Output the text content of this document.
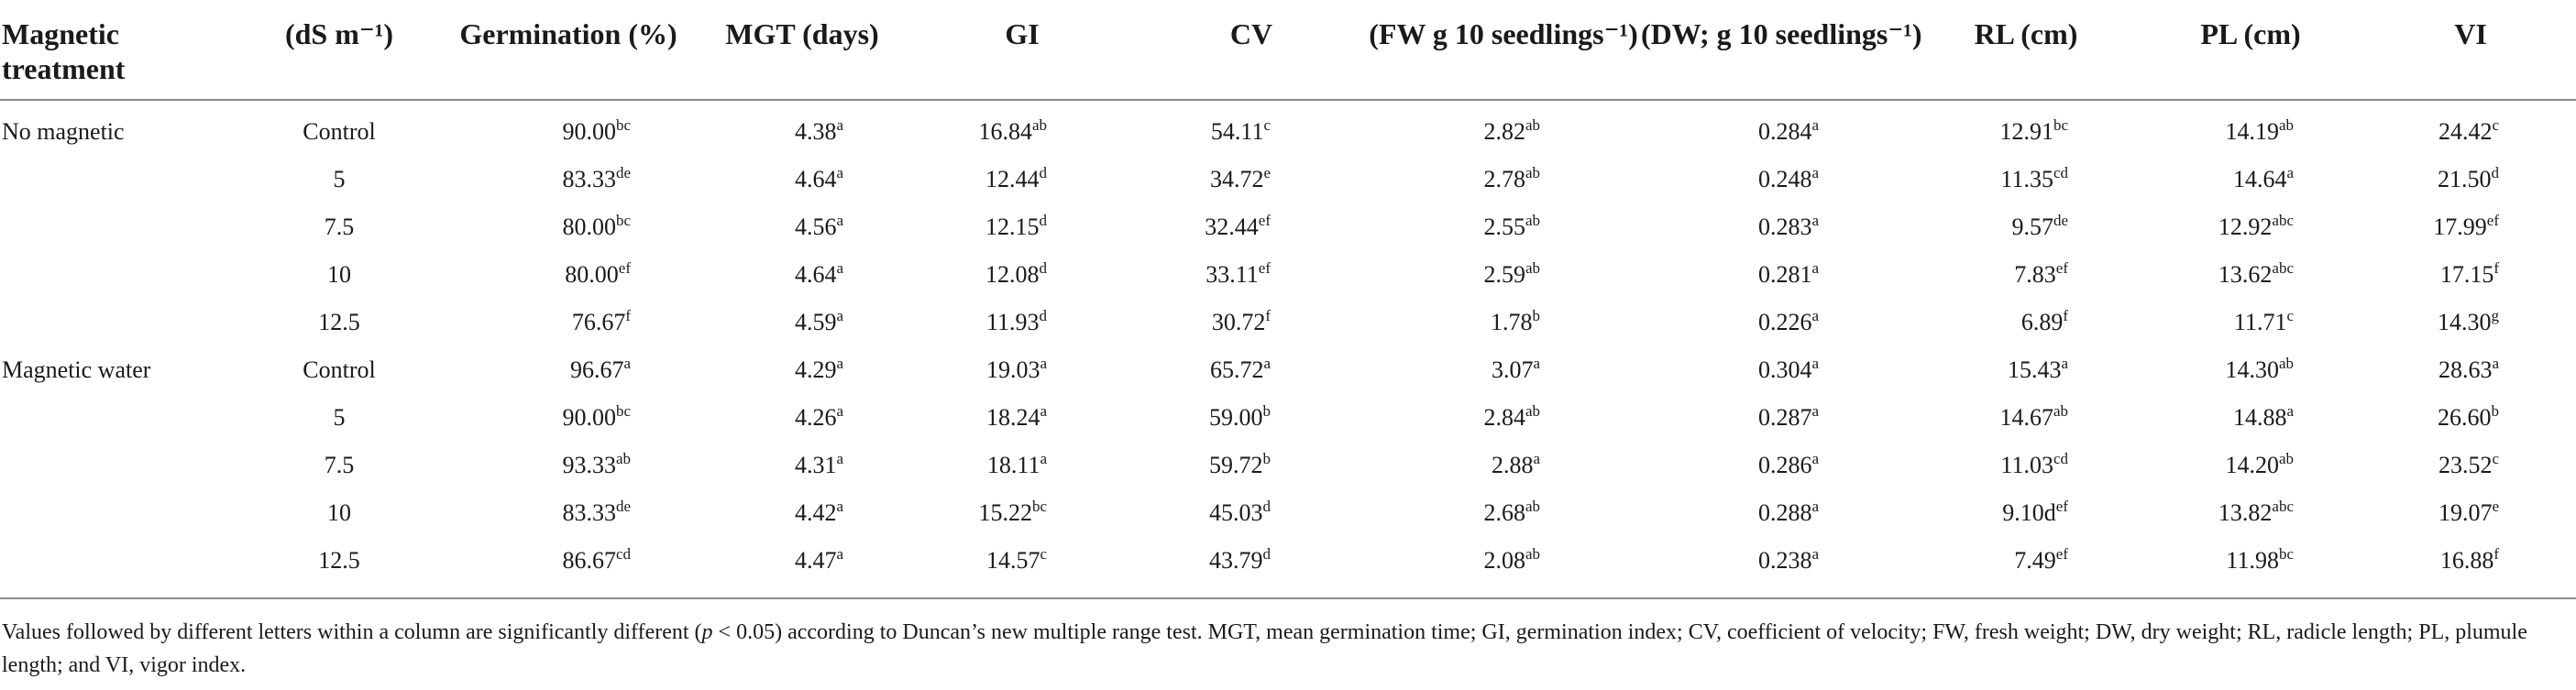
Magnetic treatment	(dS m⁻¹)	Germination (%)	MGT (days)	GI	CV	(FW g 10 seedlings⁻¹)	(DW; g 10 seedlings⁻¹)	RL (cm)	PL (cm)	VI
No magnetic	Control	90.00$^{bc}$	4.38$^a$	16.84$^{ab}$	54.11$^c$	2.82$^{ab}$	0.284$^a$	12.91$^{bc}$	14.19$^{ab}$	24.42$^c$
	5	83.33de	4.64$^a$	12.44$^d$	34.72e	2.78$^{ab}$	0.248$^a$	11.35$^{cd}$	14.64$^a$	21.50$^d$
	7.5	80.00$^{bc}$	4.56$^a$	12.15$^d$	32.44$^{ef}$	2.55$^{ab}$	0.283$^a$	9.57de	12.92$^{abc}$	17.99$^{ef}$
	10	80.00$^{ef}$	4.64$^a$	12.08$^d$	33.11$^{ef}$	2.59$^{ab}$	0.281$^a$	7.83$^{ef}$	13.62$^{abc}$	17.15$^f$
	12.5	76.67$^f$	4.59$^a$	11.93$^d$	30.72$^f$	1.78$^b$	0.226$^a$	6.89$^f$	11.71$^c$	14.30$^g$
Magnetic water	Control	96.67$^a$	4.29$^a$	19.03$^a$	65.72$^a$	3.07$^a$	0.304$^a$	15.43$^a$	14.30$^{ab}$	28.63$^a$
	5	90.00$^{bc}$	4.26$^a$	18.24$^a$	59.00$^b$	2.84$^{ab}$	0.287$^a$	14.67$^{ab}$	14.88$^a$	26.60$^b$
	7.5	93.33$^{ab}$	4.31$^a$	18.11$^a$	59.72$^b$	2.88$^a$	0.286$^a$	11.03$^{cd}$	14.20$^{ab}$	23.52$^c$
	10	83.33de	4.42$^a$	15.22$^{bc}$	45.03$^d$	2.68$^{ab}$	0.288$^a$	$9.10d^{ef}$	13.82$^{abc}$	19.07e
	12.5	86.67$^{cd}$	4.47$^a$	14.57$^c$	43.79$^d$	2.08$^{ab}$	0.238$^a$	7.49$^{ef}$	11.98$^{bc}$	16.88$^f$
Values followed by different letters within a column are significantly different (p < 0.05) according to Duncan’s new multiple range test. MGT, mean germination time; GI, germination index; CV, coefficient of velocity; FW, fresh weight; DW, dry weight; RL, radicle length; PL, plumule length; and VI, vigor index.
